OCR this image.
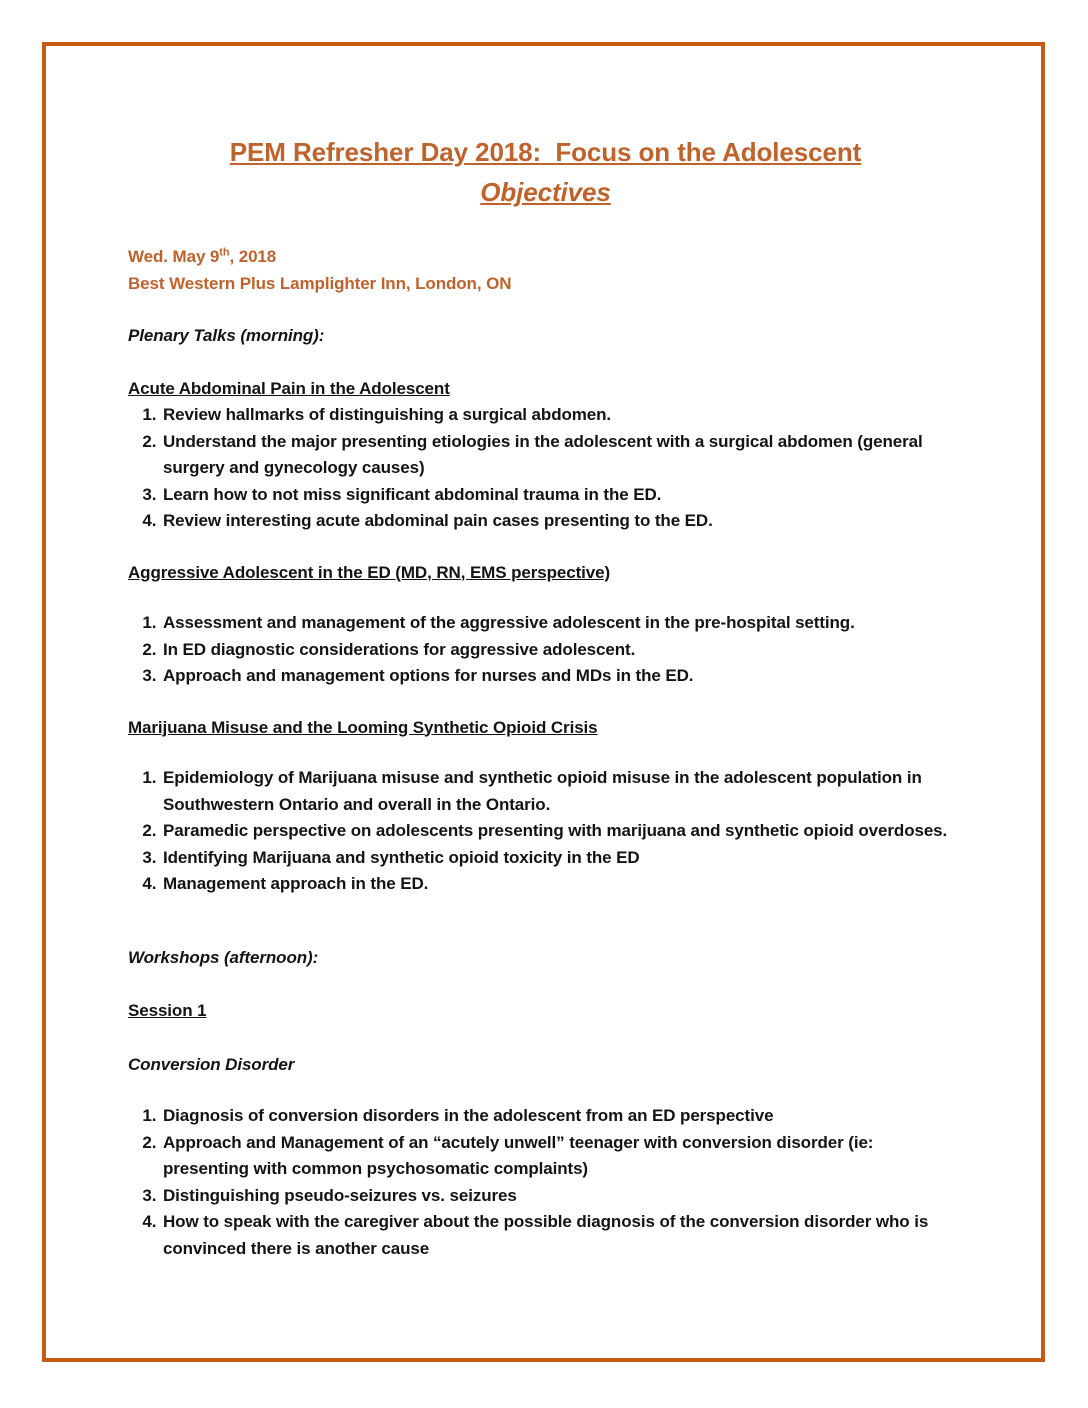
PEM Refresher Day 2018:  Focus on the Adolescent
Objectives
Wed. May 9th, 2018
Best Western Plus Lamplighter Inn, London, ON
Plenary Talks (morning):
Acute Abdominal Pain in the Adolescent
1. Review hallmarks of distinguishing a surgical abdomen.
2. Understand the major presenting etiologies in the adolescent with a surgical abdomen (general surgery and gynecology causes)
3. Learn how to not miss significant abdominal trauma in the ED.
4. Review interesting acute abdominal pain cases presenting to the ED.
Aggressive Adolescent in the ED (MD, RN, EMS perspective)
1. Assessment and management of the aggressive adolescent in the pre-hospital setting.
2. In ED diagnostic considerations for aggressive adolescent.
3. Approach and management options for nurses and MDs in the ED.
Marijuana Misuse and the Looming Synthetic Opioid Crisis
1. Epidemiology of Marijuana misuse and synthetic opioid misuse in the adolescent population in Southwestern Ontario and overall in the Ontario.
2. Paramedic perspective on adolescents presenting with marijuana and synthetic opioid overdoses.
3. Identifying Marijuana and synthetic opioid toxicity in the ED
4. Management approach in the ED.
Workshops (afternoon):
Session 1
Conversion Disorder
1. Diagnosis of conversion disorders in the adolescent from an ED perspective
2. Approach and Management of an “acutely unwell” teenager with conversion disorder (ie: presenting with common psychosomatic complaints)
3. Distinguishing pseudo-seizures vs. seizures
4. How to speak with the caregiver about the possible diagnosis of the conversion disorder who is convinced there is another cause
